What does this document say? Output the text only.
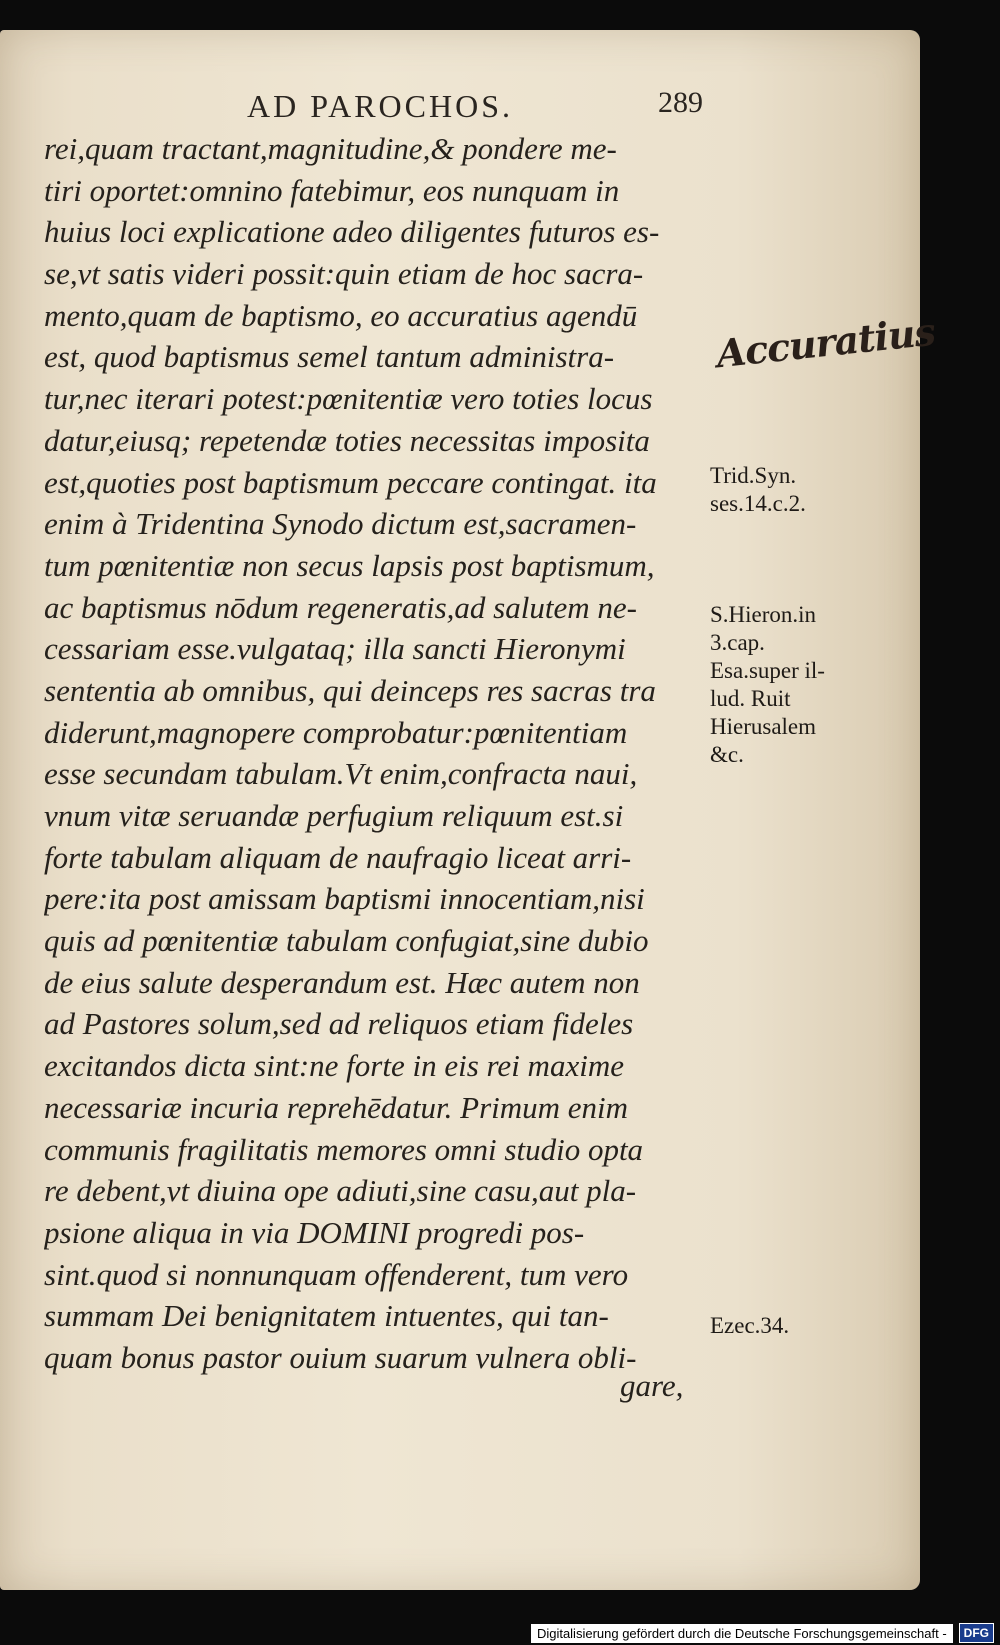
AD PAROCHOS.	289
rei,quam tractant,magnitudine,& pondere me-
tiri oportet:omnino fatebimur, eos nunquam in
huius loci explicatione adeo diligentes futuros es-
se,vt satis videri possit:quin etiam de hoc sacra-
mento,quam de baptismo, eo accuratius agendū
est, quod baptismus semel tantum administra-
tur,nec iterari potest:pœnitentiæ vero toties locus
datur,eiusq; repetendæ toties necessitas imposita
est,quoties post baptismum peccare contingat. ita
enim à Tridentina Synodo dictum est,sacramen-
tum pœnitentiæ non secus lapsis post baptismum,
ac baptismus nōdum regeneratis,ad salutem ne-
cessariam esse.vulgataq; illa sancti Hieronymi
sententia ab omnibus, qui deinceps res sacras tra
diderunt,magnopere comprobatur:pœnitentiam
esse secundam tabulam.Vt enim,confracta naui,
vnum vitæ seruandæ perfugium reliquum est.si
forte tabulam aliquam de naufragio liceat arri-
pere:ita post amissam baptismi innocentiam,nisi
quis ad pœnitentiæ tabulam confugiat,sine dubio
de eius salute desperandum est. Hæc autem non
ad Pastores solum,sed ad reliquos etiam fideles
excitandos dicta sint:ne forte in eis rei maxime
necessariæ incuria reprehēdatur. Primum enim
communis fragilitatis memores omni studio opta
re debent,vt diuina ope adiuti,sine casu,aut pla-
psione aliqua in via DOMINI progredi pos-
sint.quod si nonnunquam offenderent, tum vero
summam Dei benignitatem intuentes, qui tan-
quam bonus pastor ouium suarum vulnera obli-
gare,
Accuratius
Trid.Syn.
ses.14.c.2.
S.Hieron.in
3.cap.
Esa.super il-
lud. Ruit
Hierusalem
&c.
Ezec.34.
Digitalisierung gefördert durch die Deutsche Forschungsgemeinschaft -	DFG
